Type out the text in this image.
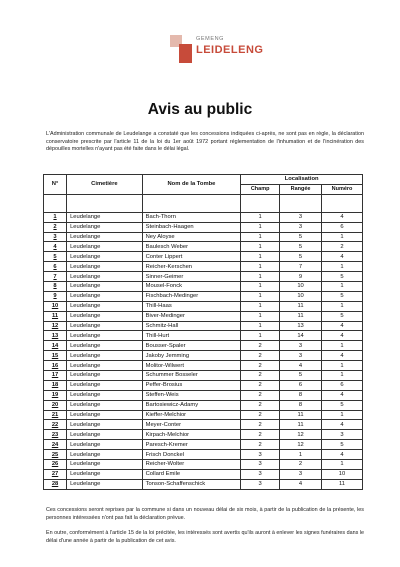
GEMENG
LEIDELENG
Avis au public
L'Administration communale de Leudelange a constaté que les concessions indiquées ci-après, ne sont pas en règle, la déclaration conservatoire prescrite par l'article 11 de la loi du 1er août 1972 portant réglementation de l'inhumation et de l'incinération des dépouilles mortelles n'ayant pas été faite dans le délai légal.
N°	Cimetière	Nom de la Tombe	Localisation		
			Champ	Rangée	Numéro

1	Leudelange	Bach-Thorn	1	3	4
2	Leudelange	Steinbach-Haagen	1	3	6
3	Leudelange	Ney Aloyse	1	5	1
4	Leudelange	Baulesch Weber	1	5	2
5	Leudelange	Conter Lippert	1	5	4
6	Leudelange	Reicher-Kerschen	1	7	1
7	Leudelange	Sinner-Geimer	1	9	5
8	Leudelange	Mousel-Fonck	1	10	1
9	Leudelange	Fischbach-Medinger	1	10	5
10	Leudelange	Thill-Haas	1	11	1
11	Leudelange	Biver-Medinger	1	11	5
12	Leudelange	Schmitz-Hall	1	13	4
13	Leudelange	Thill-Hurt	1	14	4
14	Leudelange	Bousser-Spaler	2	3	1
15	Leudelange	Jakoby Jemming	2	3	4
16	Leudelange	Molitor-Wilwert	2	4	1
17	Leudelange	Schummer Bosseler	2	5	1
18	Leudelange	Peffer-Brosius	2	6	6
19	Leudelange	Steffen-Weis	2	8	4
20	Leudelange	Bartosiewicz-Adamy	2	8	5
21	Leudelange	Kieffer-Melchior	2	11	1
22	Leudelange	Meyer-Conter	2	11	4
23	Leudelange	Kirpach-Melchior	2	12	3
24	Leudelange	Paresch-Kremer	2	12	5
25	Leudelange	Frisch Donckel	3	1	4
26	Leudelange	Reicher-Wolter	3	2	1
27	Leudelange	Collard Emile	3	3	10
28	Leudelange	Tonson-Schaffenschick	3	4	11
Ces concessions seront reprises par la commune si dans un nouveau délai de six mois, à partir de la publication de la présente, les personnes intéressées n'ont pas fait la déclaration prévue.
En outre, conformément à l'article 15 de la loi précitée, les intéressés sont avertis qu'ils auront à enlever les signes funéraires dans le délai d'une année à partir de la publication de cet avis.
